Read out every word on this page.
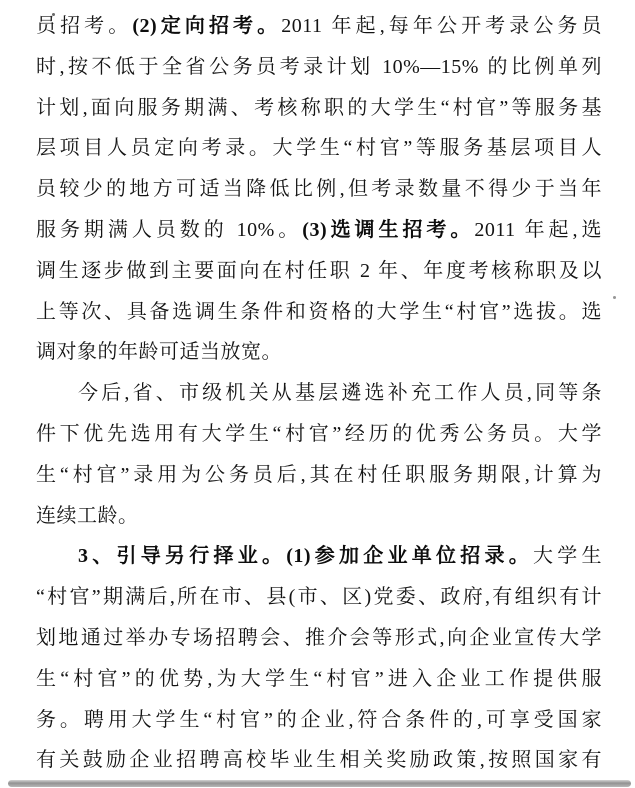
员招考。(2)定向招考。2011 年起,每年公开考录公务员
时,按不低于全省公务员考录计划 10%—15% 的比例单列
计划,面向服务期满、考核称职的大学生“村官”等服务基
层项目人员定向考录。大学生“村官”等服务基层项目人
员较少的地方可适当降低比例,但考录数量不得少于当年
服务期满人员数的 10%。(3)选调生招考。2011 年起,选
调生逐步做到主要面向在村任职 2 年、年度考核称职及以
上等次、具备选调生条件和资格的大学生“村官”选拔。选
调对象的年龄可适当放宽。
今后,省、市级机关从基层遴选补充工作人员,同等条
件下优先选用有大学生“村官”经历的优秀公务员。大学
生“村官”录用为公务员后,其在村任职服务期限,计算为
连续工龄。
3、引导另行择业。(1)参加企业单位招录。大学生
“村官”期满后,所在市、县(市、区)党委、政府,有组织有计
划地通过举办专场招聘会、推介会等形式,向企业宣传大学
生“村官”的优势,为大学生“村官”进入企业工作提供服
务。聘用大学生“村官”的企业,符合条件的,可享受国家
有关鼓励企业招聘高校毕业生相关奖励政策,按照国家有
